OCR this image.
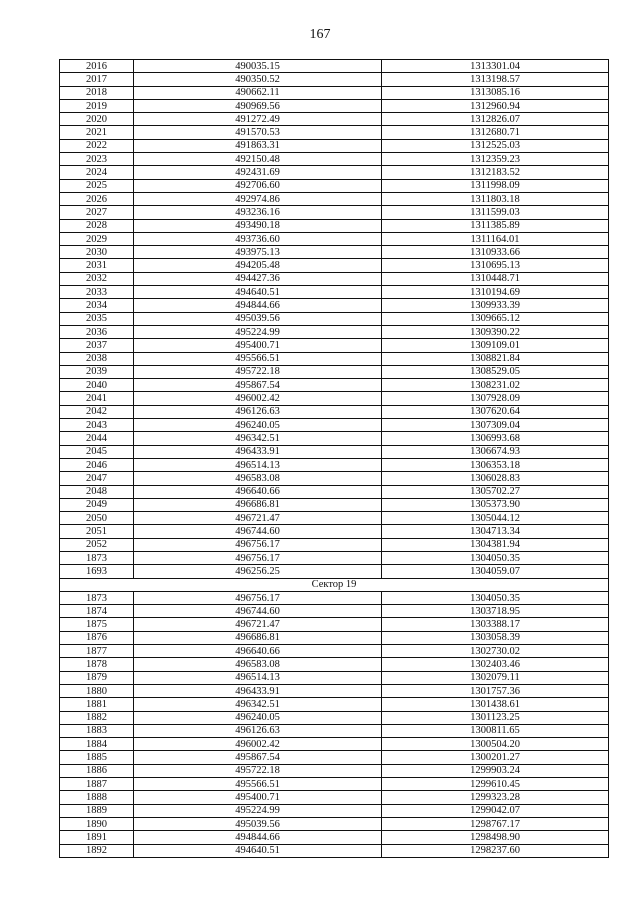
167
2016	490035.15	1313301.04
2017	490350.52	1313198.57
2018	490662.11	1313085.16
2019	490969.56	1312960.94
2020	491272.49	1312826.07
2021	491570.53	1312680.71
2022	491863.31	1312525.03
2023	492150.48	1312359.23
2024	492431.69	1312183.52
2025	492706.60	1311998.09
2026	492974.86	1311803.18
2027	493236.16	1311599.03
2028	493490.18	1311385.89
2029	493736.60	1311164.01
2030	493975.13	1310933.66
2031	494205.48	1310695.13
2032	494427.36	1310448.71
2033	494640.51	1310194.69
2034	494844.66	1309933.39
2035	495039.56	1309665.12
2036	495224.99	1309390.22
2037	495400.71	1309109.01
2038	495566.51	1308821.84
2039	495722.18	1308529.05
2040	495867.54	1308231.02
2041	496002.42	1307928.09
2042	496126.63	1307620.64
2043	496240.05	1307309.04
2044	496342.51	1306993.68
2045	496433.91	1306674.93
2046	496514.13	1306353.18
2047	496583.08	1306028.83
2048	496640.66	1305702.27
2049	496686.81	1305373.90
2050	496721.47	1305044.12
2051	496744.60	1304713.34
2052	496756.17	1304381.94
1873	496756.17	1304050.35
1693	496256.25	1304059.07
Сектор 19		
1873	496756.17	1304050.35
1874	496744.60	1303718.95
1875	496721.47	1303388.17
1876	496686.81	1303058.39
1877	496640.66	1302730.02
1878	496583.08	1302403.46
1879	496514.13	1302079.11
1880	496433.91	1301757.36
1881	496342.51	1301438.61
1882	496240.05	1301123.25
1883	496126.63	1300811.65
1884	496002.42	1300504.20
1885	495867.54	1300201.27
1886	495722.18	1299903.24
1887	495566.51	1299610.45
1888	495400.71	1299323.28
1889	495224.99	1299042.07
1890	495039.56	1298767.17
1891	494844.66	1298498.90
1892	494640.51	1298237.60
